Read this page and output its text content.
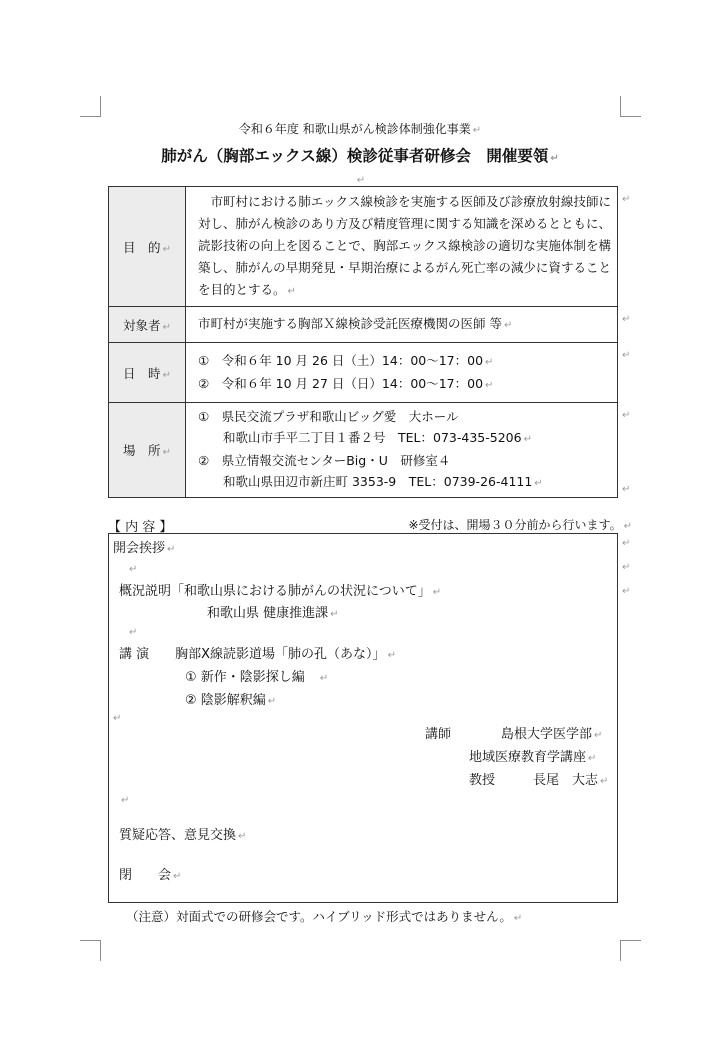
令和６年度 和歌山県がん検診体制強化事業 ↵
肺がん（胸部エックス線）検診従事者研修会　開催要領 ↵
↵
目　的 ↵	市町村における肺エックス線検診を実施する医師及び診療放射線技師に対し、肺がん検診のあり方及び精度管理に関する知識を深めるとともに、読影技術の向上を図ることで、胸部エックス線検診の適切な実施体制を構築し、肺がんの早期発見・早期治療によるがん死亡率の減少に資することを目的とする。 ↵

対象者 ↵	市町村が実施する胸部Ｘ線検診受託医療機関の医師 等 ↵
日　時 ↵	①　令和６年 10 月 26 日（土）14：00～17：00 ↵
②　令和６年 10 月 27 日（日）14：00～17：00 ↵

場　所 ↵	①　県民交流プラザ和歌山ビッグ愛　大ホール
　　和歌山市手平二丁目１番２号　TEL：073-435-5206 ↵
②　県立情報交流センターBig・U　研修室４
　　和歌山県田辺市新庄町 3353-9　TEL：0739-26-4111 ↵
【 内 容 】	※受付は、開場３０分前から行います。 ↵
開会挨拶 ↵
↵
概況説明「和歌山県における肺がんの状況について」 ↵
和歌山県 健康推進課 ↵
↵
講 演　　 胸部X線読影道場「肺の孔（あな）」 ↵
① 新作・陰影探し編　 ↵
② 陰影解釈編 ↵
↵
講師	島根大学医学部 ↵
地域医療教育学講座 ↵
教授	長尾　大志 ↵
↵
質疑応答、意見交換 ↵
閉　　会 ↵
（注意）対面式での研修会です。ハイブリッド形式ではありません。 ↵
↵
↵
↵
↵
↵
↵
↵
↵
